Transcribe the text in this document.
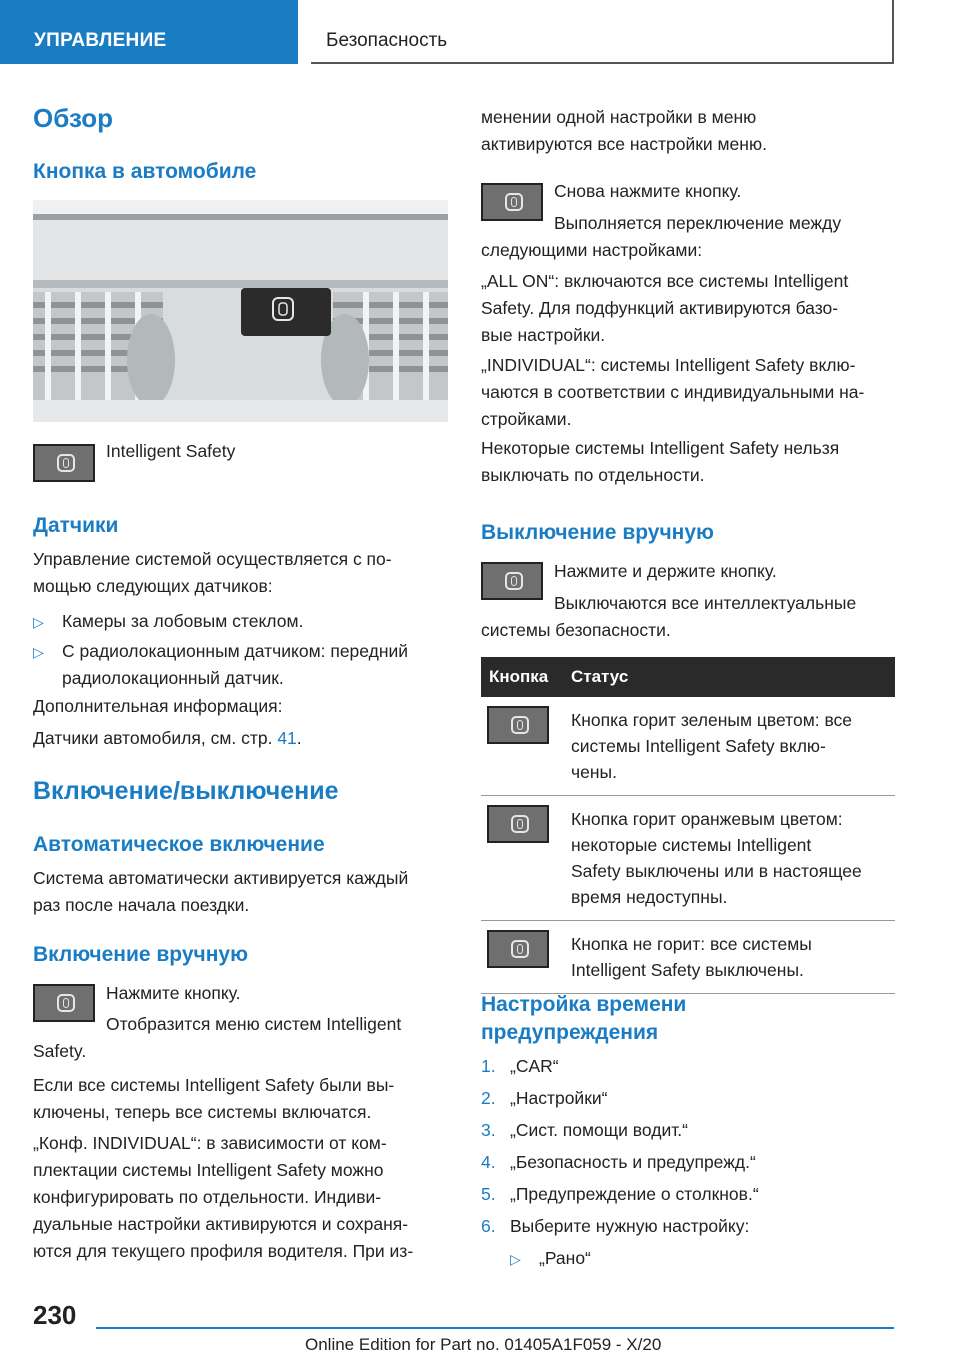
УПРАВЛЕНИЕ	Безопасность
Обзор
Кнопка в автомобиле
Intelligent Safety
Датчики
Управление системой осуществляется с по-
мощью следующих датчиков:
▷ Камеры за лобовым стеклом.
▷ С радиолокационным датчиком: передний
радиолокационный датчик.
Дополнительная информация:
Датчики автомобиля, см. стр. 41.
Включение/выключение
Автоматическое включение
Система автоматически активируется каждый
раз после начала поездки.
Включение вручную
Нажмите кнопку.
Отобразится меню систем Intelligent
Safety.
Если все системы Intelligent Safety были вы-
ключены, теперь все системы включатся.
„Конф. INDIVIDUAL“: в зависимости от ком-
плектации системы Intelligent Safety можно
конфигурировать по отдельности. Индиви-
дуальные настройки активируются и сохраня-
ются для текущего профиля водителя. При из-
менении одной настройки в меню
активируются все настройки меню.
Снова нажмите кнопку.
Выполняется переключение между
следующими настройками:
„ALL ON“: включаются все системы Intelligent
Safety. Для подфункций активируются базо-
вые настройки.
„INDIVIDUAL“: системы Intelligent Safety вклю-
чаются в соответствии с индивидуальными на-
стройками.
Некоторые системы Intelligent Safety нельзя
выключать по отдельности.
Выключение вручную
Нажмите и держите кнопку.
Выключаются все интеллектуальные
системы безопасности.
Кнопка	Статус

	Кнопка горит зеленым цветом: все
системы Intelligent Safety вклю-
чены.

	Кнопка горит оранжевым цветом:
некоторые системы Intelligent
Safety выключены или в настоящее
время недоступны.

	Кнопка не горит: все системы
Intelligent Safety выключены.
Настройка времени
предупреждения
1. „CAR“
2. „Настройки“
3. „Сист. помощи водит.“
4. „Безопасность и предупрежд.“
5. „Предупреждение о столкнов.“
6. Выберите нужную настройку:
▷ „Рано“
230
Online Edition for Part no. 01405A1F059 - X/20
